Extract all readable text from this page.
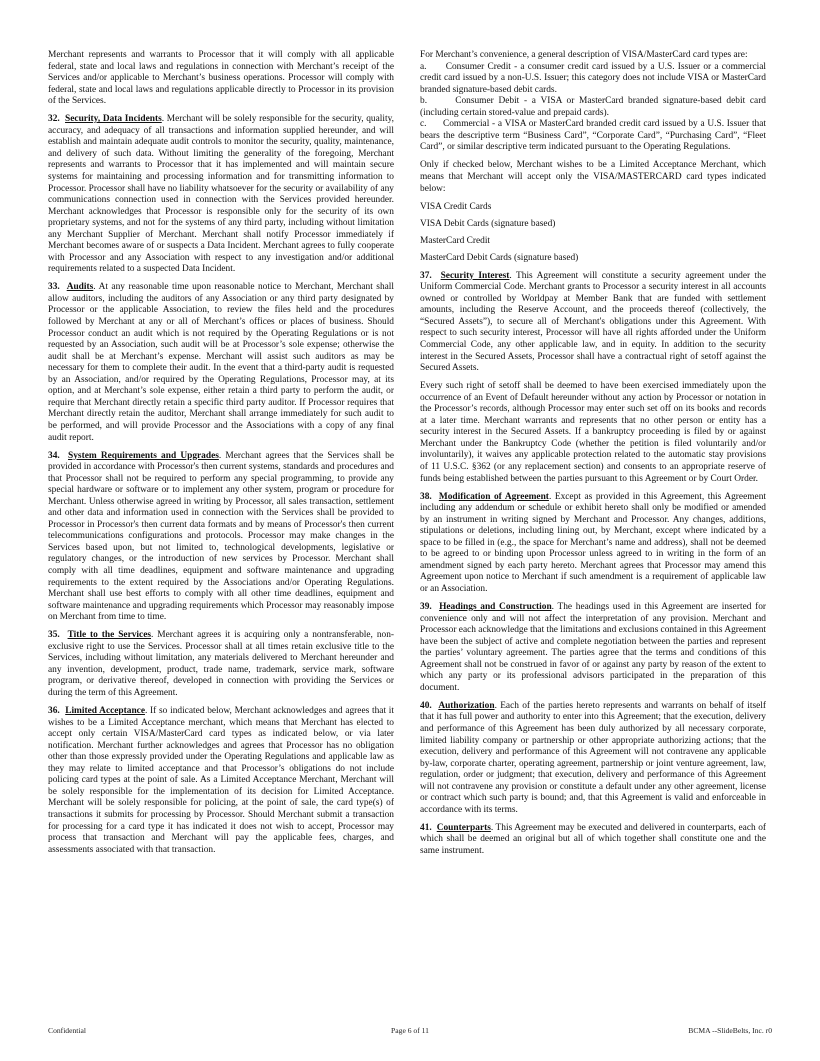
Merchant represents and warrants to Processor that it will comply with all applicable federal, state and local laws and regulations in connection with Merchant’s receipt of the Services and/or applicable to Merchant’s business operations. Processor will comply with federal, state and local laws and regulations applicable directly to Processor in its provision of the Services.

32. Security, Data Incidents. Merchant will be solely responsible for the security, quality, accuracy, and adequacy of all transactions and information supplied hereunder, and will establish and maintain adequate audit controls to monitor the security, quality, maintenance, and delivery of such data. Without limiting the generality of the foregoing, Merchant represents and warrants to Processor that it has implemented and will maintain secure systems for maintaining and processing information and for transmitting information to Processor. Processor shall have no liability whatsoever for the security or availability of any communications connection used in connection with the Services provided hereunder. Merchant acknowledges that Processor is responsible only for the security of its own proprietary systems, and not for the systems of any third party, including without limitation any Merchant Supplier of Merchant. Merchant shall notify Processor immediately if Merchant becomes aware of or suspects a Data Incident. Merchant agrees to fully cooperate with Processor and any Association with respect to any investigation and/or additional requirements related to a suspected Data Incident.

33. Audits. At any reasonable time upon reasonable notice to Merchant, Merchant shall allow auditors, including the auditors of any Association or any third party designated by Processor or the applicable Association, to review the files held and the procedures followed by Merchant at any or all of Merchant’s offices or places of business. Should Processor conduct an audit which is not required by the Operating Regulations or is not requested by an Association, such audit will be at Processor’s sole expense; otherwise the audit shall be at Merchant’s expense. Merchant will assist such auditors as may be necessary for them to complete their audit. In the event that a third-party audit is requested by an Association, and/or required by the Operating Regulations, Processor may, at its option, and at Merchant’s sole expense, either retain a third party to perform the audit, or require that Merchant directly retain a specific third party auditor. If Processor requires that Merchant directly retain the auditor, Merchant shall arrange immediately for such audit to be performed, and will provide Processor and the Associations with a copy of any final audit report.

34. System Requirements and Upgrades. Merchant agrees that the Services shall be provided in accordance with Processor's then current systems, standards and procedures and that Processor shall not be required to perform any special programming, to provide any special hardware or software or to implement any other system, program or procedure for Merchant. Unless otherwise agreed in writing by Processor, all sales transaction, settlement and other data and information used in connection with the Services shall be provided to Processor in Processor's then current data formats and by means of Processor's then current telecommunications configurations and protocols. Processor may make changes in the Services based upon, but not limited to, technological developments, legislative or regulatory changes, or the introduction of new services by Processor. Merchant shall comply with all time deadlines, equipment and software maintenance and upgrading requirements to the extent required by the Associations and/or Operating Regulations. Merchant shall use best efforts to comply with all other time deadlines, equipment and software maintenance and upgrading requirements which Processor may reasonably impose on Merchant from time to time.

35. Title to the Services. Merchant agrees it is acquiring only a nontransferable, non-exclusive right to use the Services. Processor shall at all times retain exclusive title to the Services, including without limitation, any materials delivered to Merchant hereunder and any invention, development, product, trade name, trademark, service mark, software program, or derivative thereof, developed in connection with providing the Services or during the term of this Agreement.

36. Limited Acceptance. If so indicated below, Merchant acknowledges and agrees that it wishes to be a Limited Acceptance merchant, which means that Merchant has elected to accept only certain VISA/MasterCard card types as indicated below, or via later notification. Merchant further acknowledges and agrees that Processor has no obligation other than those expressly provided under the Operating Regulations and applicable law as they may relate to limited acceptance and that Processor’s obligations do not include policing card types at the point of sale. As a Limited Acceptance Merchant, Merchant will be solely responsible for the implementation of its decision for Limited Acceptance. Merchant will be solely responsible for policing, at the point of sale, the card type(s) of transactions it submits for processing by Processor. Should Merchant submit a transaction for processing for a card type it has indicated it does not wish to accept, Processor may process that transaction and Merchant will pay the applicable fees, charges, and assessments associated with that transaction.

For Merchant’s convenience, a general description of VISA/MasterCard card types are:

a. Consumer Credit - a consumer credit card issued by a U.S. Issuer or a commercial credit card issued by a non-U.S. Issuer; this category does not include VISA or MasterCard branded signature-based debit cards.

b.	Consumer Debit - a VISA or MasterCard branded signature-based debit card (including certain stored-value and prepaid cards).

c. Commercial - a VISA or MasterCard branded credit card issued by a U.S. Issuer that bears the descriptive term “Business Card”, “Corporate Card”, “Purchasing Card”, “Fleet Card”, or similar descriptive term indicated pursuant to the Operating Regulations.

Only if checked below, Merchant wishes to be a Limited Acceptance Merchant, which means that Merchant will accept only the VISA/MASTERCARD card types indicated below:

VISA Credit Cards

VISA Debit Cards (signature based)

MasterCard Credit

MasterCard Debit Cards (signature based)

37. Security Interest. This Agreement will constitute a security agreement under the Uniform Commercial Code. Merchant grants to Processor a security interest in all accounts owned or controlled by Worldpay at Member Bank that are funded with settlement amounts, including the Reserve Account, and the proceeds thereof (collectively, the “Secured Assets”), to secure all of Merchant's obligations under this Agreement. With respect to such security interest, Processor will have all rights afforded under the Uniform Commercial Code, any other applicable law, and in equity. In addition to the security interest in the Secured Assets, Processor shall have a contractual right of setoff against the Secured Assets.

Every such right of setoff shall be deemed to have been exercised immediately upon the occurrence of an Event of Default hereunder without any action by Processor or notation in the Processor’s records, although Processor may enter such set off on its books and records at a later time. Merchant warrants and represents that no other person or entity has a security interest in the Secured Assets. If a bankruptcy proceeding is filed by or against Merchant under the Bankruptcy Code (whether the petition is filed voluntarily and/or involuntarily), it waives any applicable protection related to the automatic stay provisions of 11 U.S.C. §362 (or any replacement section) and consents to an appropriate reserve of funds being established between the parties pursuant to this Agreement or by Court Order.

38. Modification of Agreement. Except as provided in this Agreement, this Agreement including any addendum or schedule or exhibit hereto shall only be modified or amended by an instrument in writing signed by Merchant and Processor. Any changes, additions, stipulations or deletions, including lining out, by Merchant, except where indicated by a space to be filled in (e.g., the space for Merchant’s name and address), shall not be deemed to be agreed to or binding upon Processor unless agreed to in writing in the form of an amendment signed by each party hereto. Merchant agrees that Processor may amend this Agreement upon notice to Merchant if such amendment is a requirement of applicable law or an Association.

39. Headings and Construction. The headings used in this Agreement are inserted for convenience only and will not affect the interpretation of any provision. Merchant and Processor each acknowledge that the limitations and exclusions contained in this Agreement have been the subject of active and complete negotiation between the parties and represent the parties’ voluntary agreement. The parties agree that the terms and conditions of this Agreement shall not be construed in favor of or against any party by reason of the extent to which any party or its professional advisors participated in the preparation of this document.

40. Authorization. Each of the parties hereto represents and warrants on behalf of itself that it has full power and authority to enter into this Agreement; that the execution, delivery and performance of this Agreement has been duly authorized by all necessary corporate, limited liability company or partnership or other appropriate authorizing actions; that the execution, delivery and performance of this Agreement will not contravene any applicable by-law, corporate charter, operating agreement, partnership or joint venture agreement, law, regulation, order or judgment; that execution, delivery and performance of this Agreement will not contravene any provision or constitute a default under any other agreement, license or contract which such party is bound; and, that this Agreement is valid and enforceable in accordance with its terms.

41. Counterparts. This Agreement may be executed and delivered in counterparts, each of which shall be deemed an original but all of which together shall constitute one and the same instrument.

Confidential	Page 6 of 11	BCMA --SlideBelts, Inc. r0
